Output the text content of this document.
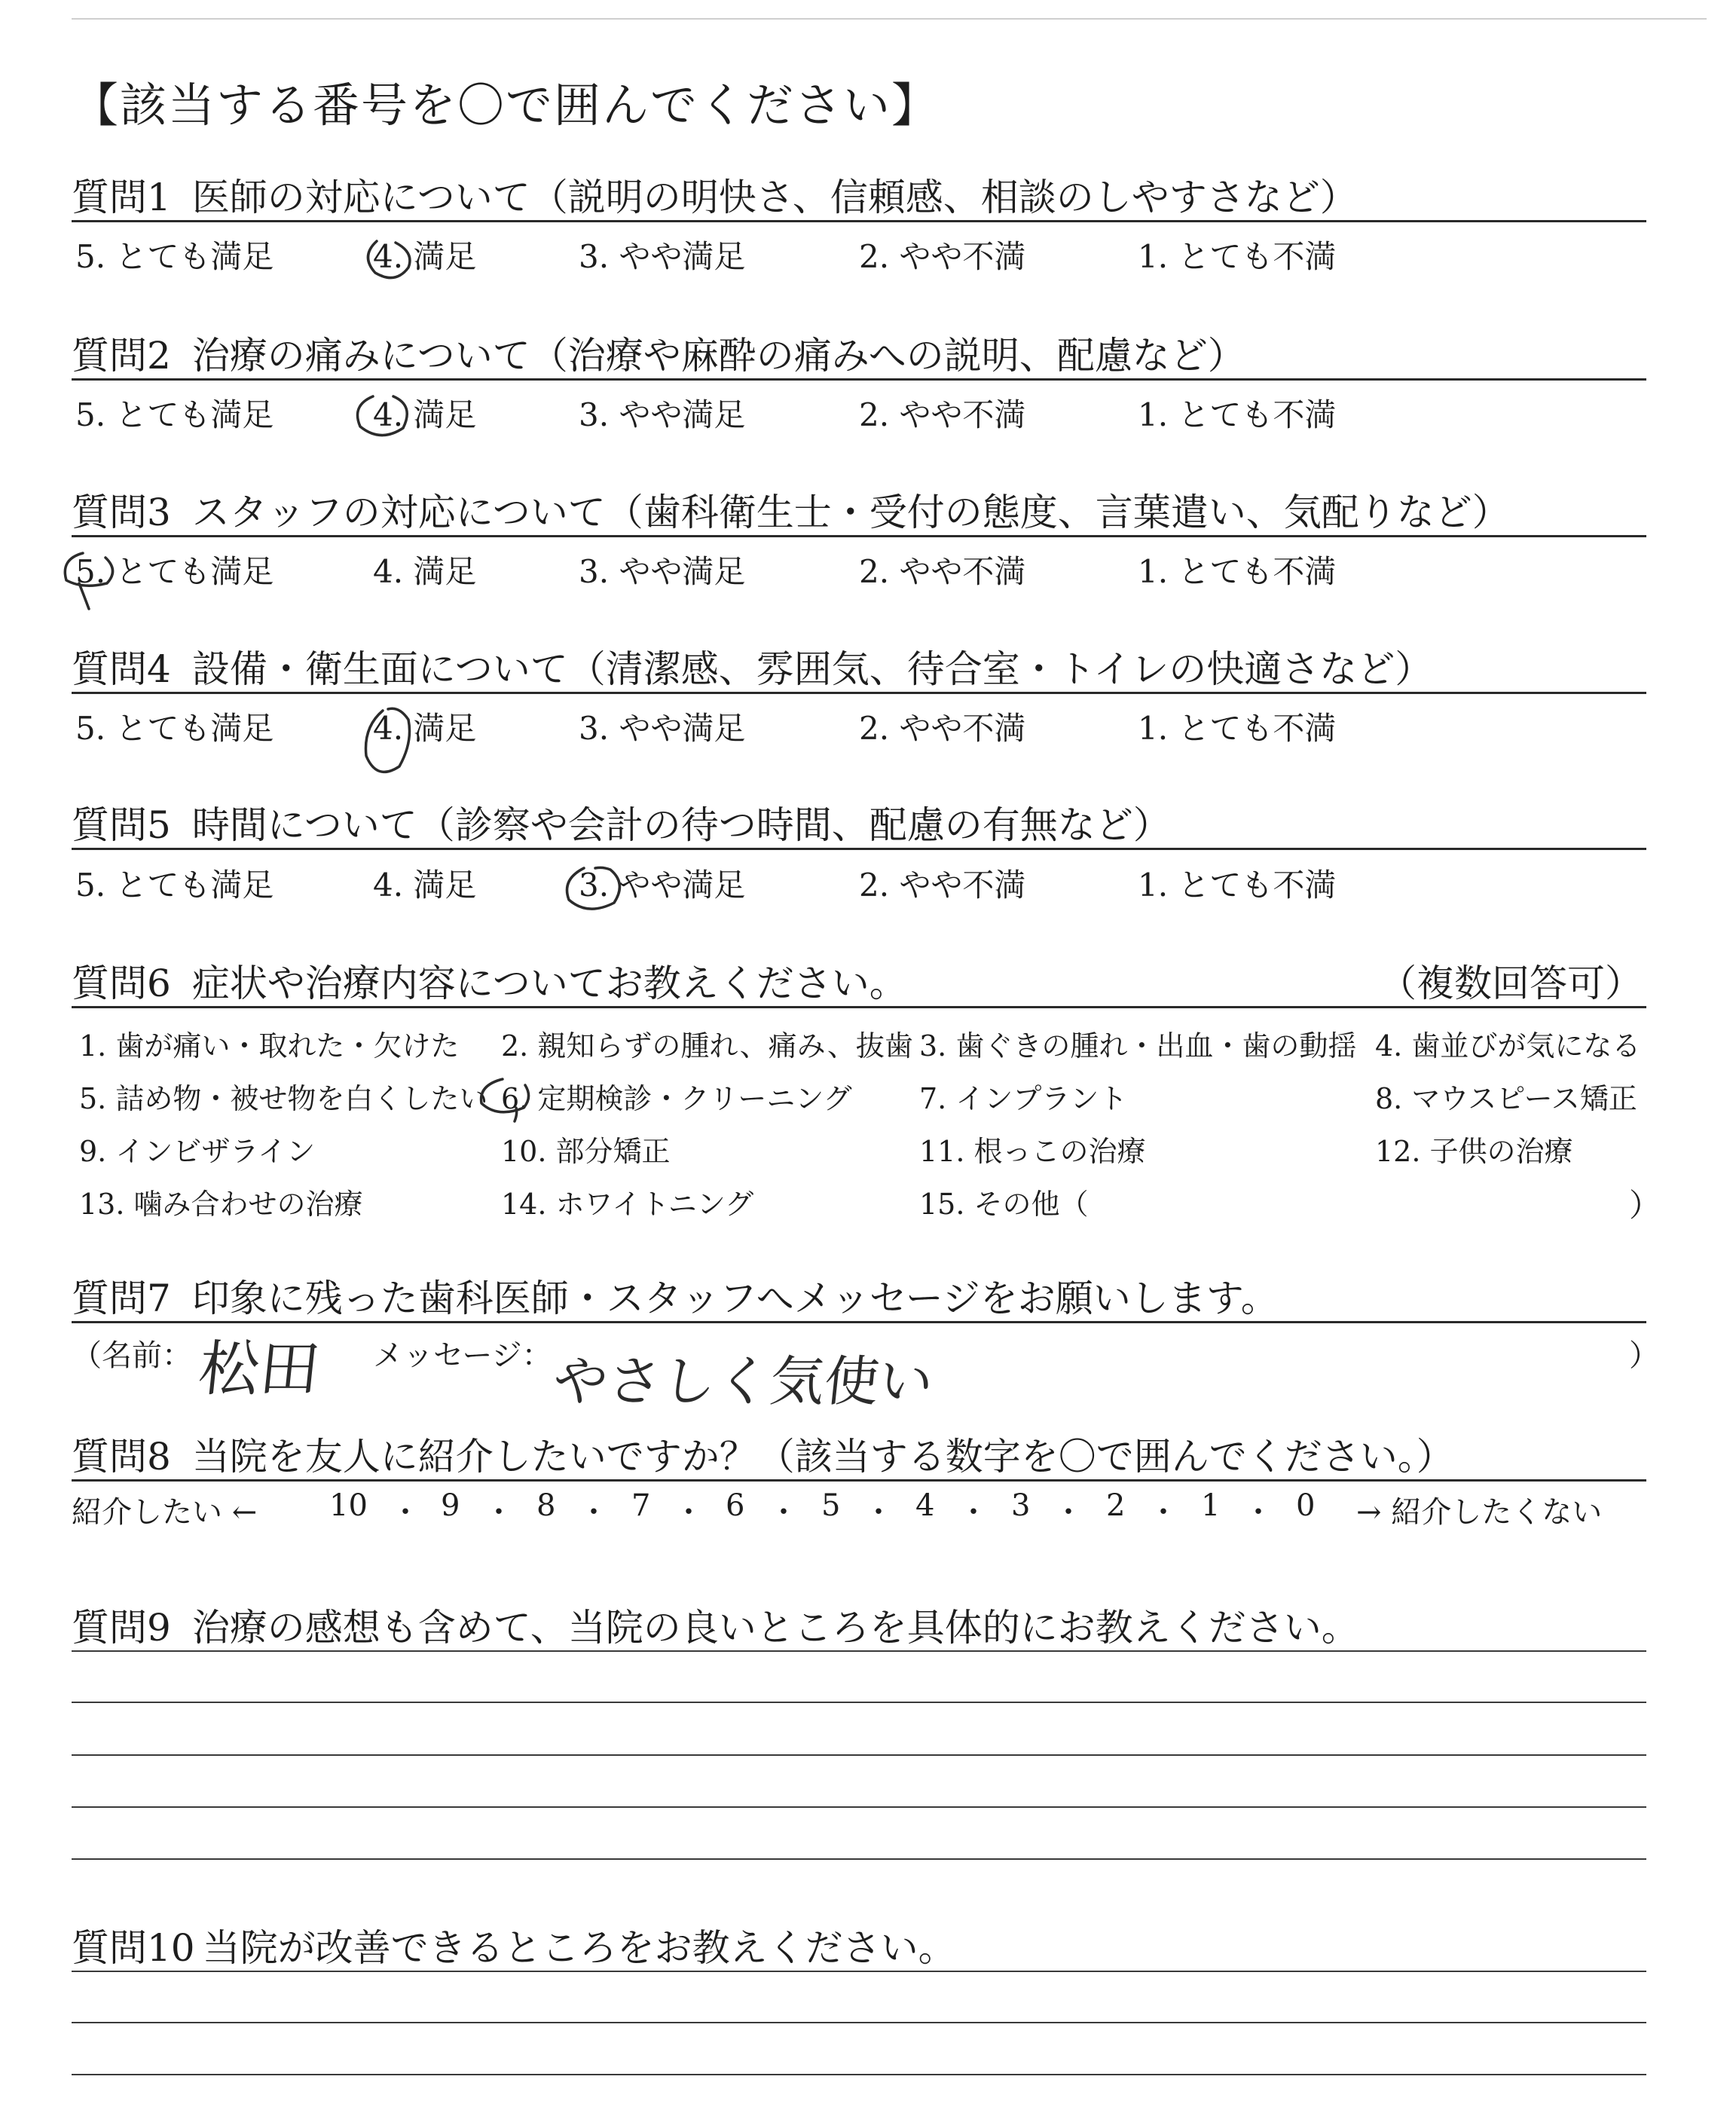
【該当する番号を〇で囲んでください】
質問1 医師の対応について（説明の明快さ、信頼感、相談のしやすさなど）
5. とても満足	4. 満足	3. やや満足	2. やや不満	1. とても不満
質問2 治療の痛みについて（治療や麻酔の痛みへの説明、配慮など）
5. とても満足	4. 満足	3. やや満足	2. やや不満	1. とても不満
質問3 スタッフの対応について（歯科衛生士・受付の態度、言葉遣い、気配りなど）
5. とても満足	4. 満足	3. やや満足	2. やや不満	1. とても不満
質問4 設備・衛生面について（清潔感、雰囲気、待合室・トイレの快適さなど）
5. とても満足	4. 満足	3. やや満足	2. やや不満	1. とても不満
質問5 時間について（診察や会計の待つ時間、配慮の有無など）
5. とても満足	4. 満足	3. やや満足	2. やや不満	1. とても不満
質問6 症状や治療内容についてお教えください。	（複数回答可）
1. 歯が痛い・取れた・欠けた 2. 親知らずの腫れ、痛み、抜歯 3. 歯ぐきの腫れ・出血・歯の動揺 4. 歯並びが気になる
5. 詰め物・被せ物を白くしたい 6. 定期検診・クリーニング 7. インプラント	8. マウスピース矯正
9. インビザライン	10. 部分矯正	11. 根っこの治療	12. 子供の治療
13. 噛み合わせの治療	14. ホワイトニング	15. その他（	）
質問7 印象に残った歯科医師・スタッフへメッセージをお願いします。
（名前： 松田 メッセージ：
やさしく気使い	）
質問8 当院を友人に紹介したいですか？（該当する数字を〇で囲んでください。）
紹介したい ←	→ 紹介したくない
10 ・ 9 ・ 8 ・ 7 ・ 6 ・ 5 ・ 4 ・ 3 ・ 2 ・ 1 ・ 0
質問9 治療の感想も含めて、当院の良いところを具体的にお教えください。
質問10 当院が改善できるところをお教えください。
